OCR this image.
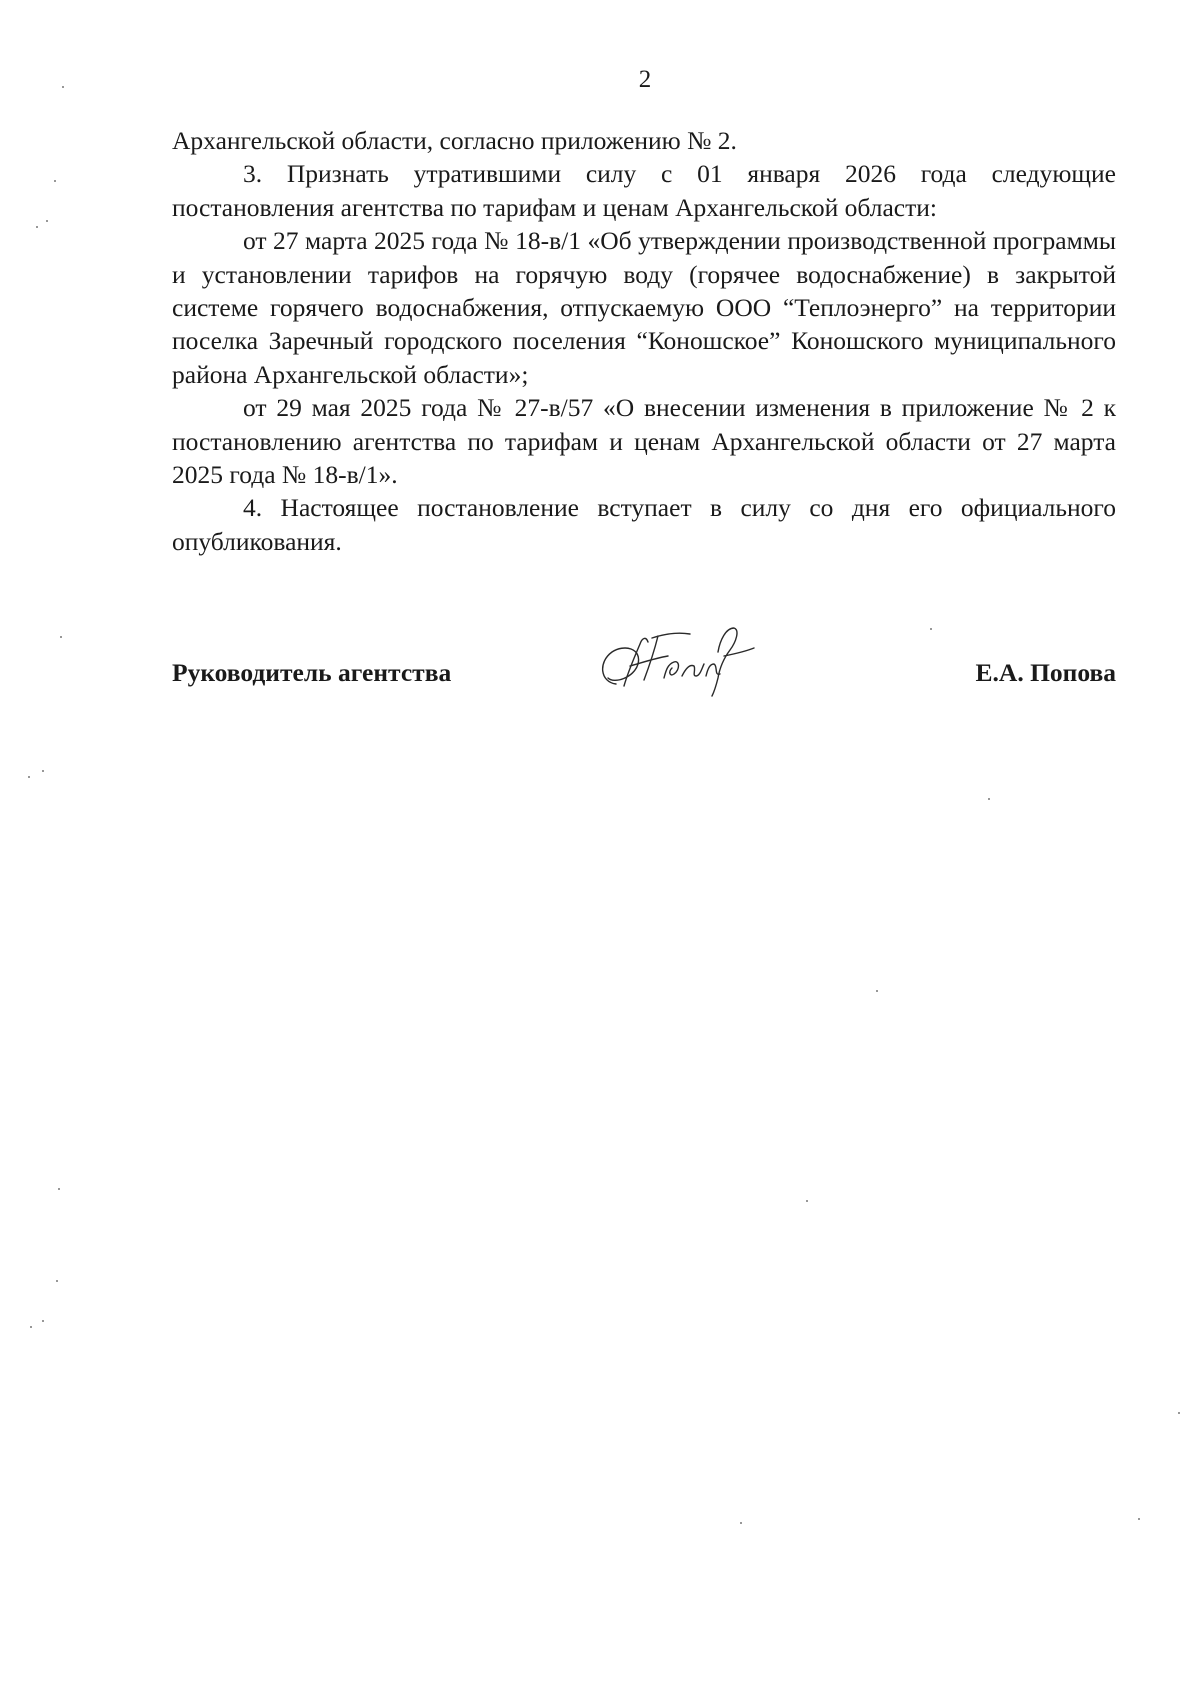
2

Архангельской области, согласно приложению № 2.

3. Признать утратившими силу с 01 января 2026 года следующие постановления агентства по тарифам и ценам Архангельской области:

от 27 марта 2025 года № 18-в/1 «Об утверждении производственной программы и установлении тарифов на горячую воду (горячее водоснабжение) в закрытой системе горячего водоснабжения, отпускаемую ООО “Теплоэнерго” на территории поселка Заречный городского поселения “Коношское” Коношского муниципального района Архангельской области»;

от 29 мая 2025 года № 27-в/57 «О внесении изменения в приложение № 2 к постановлению агентства по тарифам и ценам Архангельской области от 27 марта 2025 года № 18-в/1».

4. Настоящее постановление вступает в силу со дня его официального опубликования.

Руководитель агентства	Е.А. Попова
